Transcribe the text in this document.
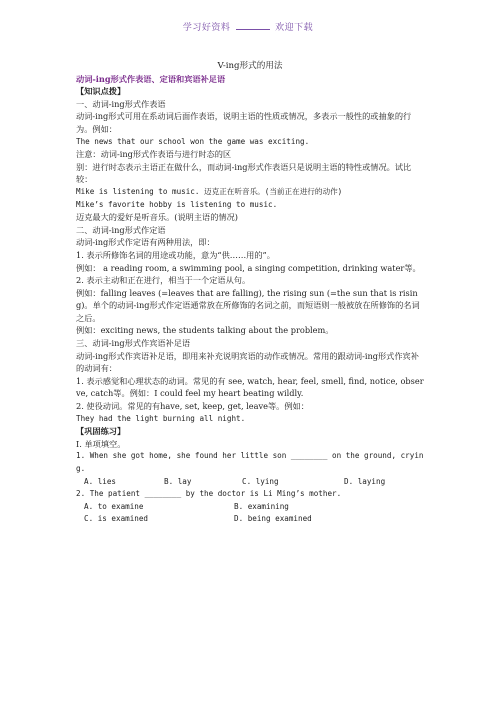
学习好资料	欢迎下载

V-ing形式的用法

动词-ing形式作表语、定语和宾语补足语

【知识点拨】

一、动词-ing形式作表语

动词-ing形式可用在系动词后面作表语，说明主语的性质或情况，多表示一般性的或抽象的行为。例如：

The news that our school won the game was exciting.

注意：动词-ing形式作表语与进行时态的区

别：进行时态表示主语正在做什么，而动词-ing形式作表语只是说明主语的特性或情况。试比较：

Mike is listening to music. 迈克正在听音乐。(当前正在进行的动作)

Mike’s favorite hobby is listening to music.

迈克最大的爱好是听音乐。(说明主语的情况)

二、动词-ing形式作定语

动词-ing形式作定语有两种用法，即：

1. 表示所修饰名词的用途或功能，意为“供……用的”。

例如： a reading room, a swimming pool, a singing competition, drinking water等。

2. 表示主动和正在进行，相当于一个定语从句。

例如：falling leaves (=leaves that are falling), the rising sun (=the sun that is rising)。单个的动词-ing形式作定语通常放在所修饰的名词之前，而短语则一般被放在所修饰的名词之后。

例如：exciting news, the students talking about the problem。

三、动词-ing形式作宾语补足语

动词-ing形式作宾语补足语，即用来补充说明宾语的动作或情况。常用的跟动词-ing形式作宾补的动词有：

1. 表示感觉和心理状态的动词。常见的有 see, watch, hear, feel, smell, find, notice, observe, catch等。例如：I could feel my heart beating wildly.

2. 使役动词。常见的有have, set, keep, get, leave等。例如：

They had the light burning all night.

【巩固练习】

I. 单项填空。

1. When she got home, she found her little son ________ on the ground, crying.

A. lies	B. lay	C. lying	D. laying

2. The patient ________ by the doctor is Li Ming’s mother.

A. to examine	B. examining
C. is examined	D. being examined
